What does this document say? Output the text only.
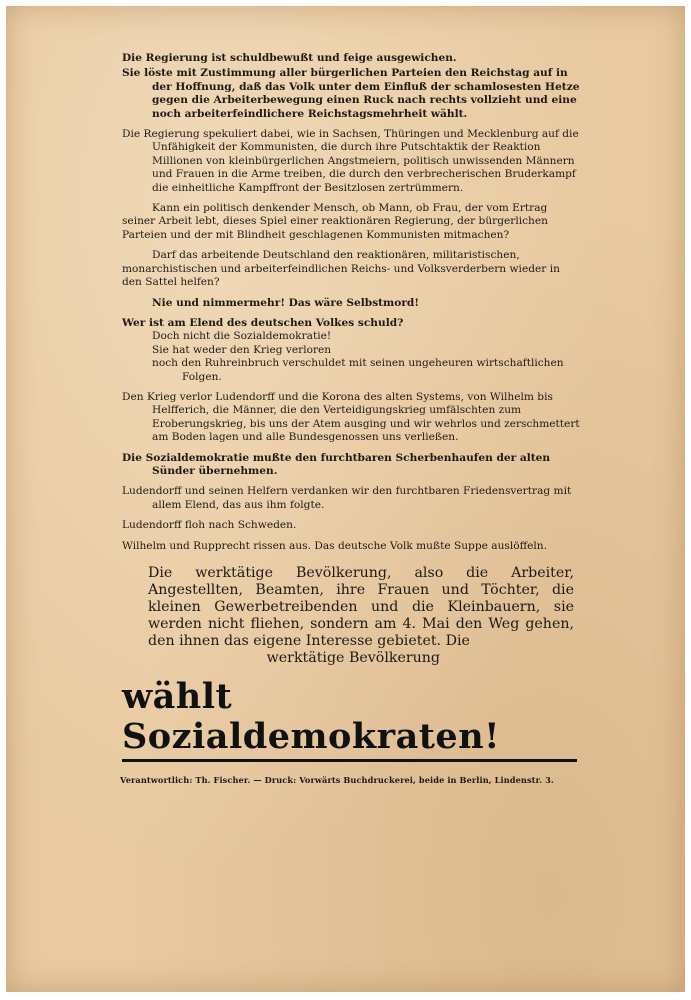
Die Regierung ist schuldbewußt und feige ausgewichen.

Sie löste mit Zustimmung aller bürgerlichen Parteien den Reichstag auf in der Hoffnung, daß das Volk unter dem Einfluß der schamlosesten Hetze gegen die Arbeiterbewegung einen Ruck nach rechts vollzieht und eine noch arbeiterfeindlichere Reichstagsmehrheit wählt.

Die Regierung spekuliert dabei, wie in Sachsen, Thüringen und Mecklenburg auf die Unfähigkeit der Kommunisten, die durch ihre Putschtaktik der Reaktion Millionen von kleinbürgerlichen Angstmeiern, politisch unwissenden Männern und Frauen in die Arme treiben, die durch den verbrecherischen Bruderkampf die einheitliche Kampffront der Besitzlosen zertrümmern.

Kann ein politisch denkender Mensch, ob Mann, ob Frau, der vom Ertrag seiner Arbeit lebt, dieses Spiel einer reaktionären Regierung, der bürgerlichen Parteien und der mit Blindheit geschlagenen Kommunisten mitmachen?

Darf das arbeitende Deutschland den reaktionären, militaristischen, monarchistischen und arbeiterfeindlichen Reichs- und Volksverderbern wieder in den Sattel helfen?

Nie und nimmermehr! Das wäre Selbstmord!

Wer ist am Elend des deutschen Volkes schuld?

Doch nicht die Sozialdemokratie!

Sie hat weder den Krieg verloren

noch den Ruhreinbruch verschuldet mit seinen ungeheuren wirtschaftlichen Folgen.

Den Krieg verlor Ludendorff und die Korona des alten Systems, von Wilhelm bis Helfferich, die Männer, die den Verteidigungskrieg umfälschten zum Eroberungskrieg, bis uns der Atem ausging und wir wehrlos und zerschmettert am Boden lagen und alle Bundesgenossen uns verließen.

Die Sozialdemokratie mußte den furchtbaren Scherbenhaufen der alten Sünder übernehmen.

Ludendorff und seinen Helfern verdanken wir den furchtbaren Friedensvertrag mit allem Elend, das aus ihm folgte.

Ludendorff floh nach Schweden.

Wilhelm und Rupprecht rissen aus. Das deutsche Volk mußte Suppe auslöffeln.

Die werktätige Bevölkerung, also die Arbeiter, Angestellten, Beamten, ihre Frauen und Töchter, die kleinen Gewerbetreibenden und die Kleinbauern, sie werden nicht fliehen, sondern am 4. Mai den Weg gehen, den ihnen das eigene Interesse gebietet. Die

werktätige Bevölkerung

wählt Sozialdemokraten!
Verantwortlich: Th. Fischer. — Druck: Vorwärts Buchdruckerei, beide in Berlin, Lindenstr. 3.
